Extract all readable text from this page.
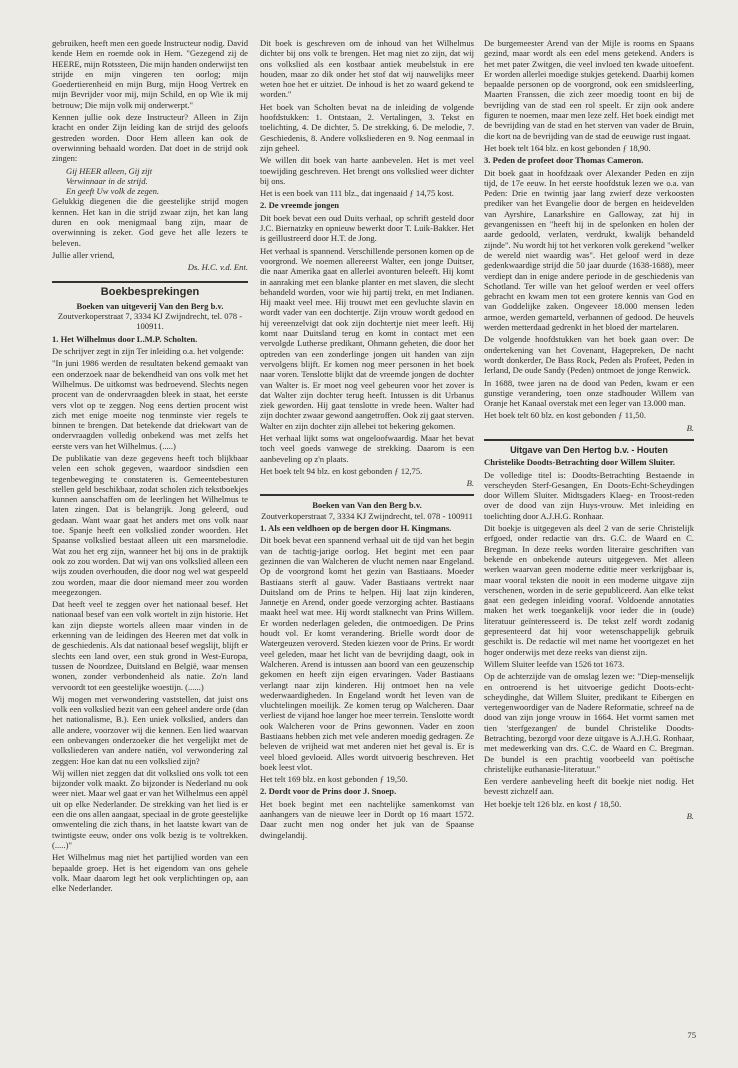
gebruiken, heeft men een goede Instructeur nodig. David kende Hem en roemde ook in Hem. "Gezegend zij de HEERE, mijn Rotssteen, Die mijn handen onderwijst ten strijde en mijn vingeren ten oorlog; mijn Goedertierenheid en mijn Burg, mijn Hoog Vertrek en mijn Bevrijder voor mij, mijn Schild, en op Wie ik mij betrouw; Die mijn volk mij onderwerpt."

Kennen jullie ook deze Instructeur? Alleen in Zijn kracht en onder Zijn leiding kan de strijd des geloofs gestreden worden. Door Hem alleen kan ook de overwinning behaald worden. Dat doet in de strijd ook zingen:

Gij HEER alleen, Gij zijt

Verwinnaar in de strijd.

En geeft Uw volk de zegen.

Gelukkig diegenen die die geestelijke strijd mogen kennen. Het kan in die strijd zwaar zijn, het kan lang duren en ook menigmaal bang zijn, maar de overwinning is zeker. God geve het alle lezers te beleven.

Jullie aller vriend,

Ds. H.C. v.d. Ent.

Boekbesprekingen
Boeken van uitgeverij Van den Berg b.v.
Zoutverkoperstraat 7, 3334 KJ Zwijndrecht, tel. 078 - 100911.

1. Het Wilhelmus door L.M.P. Scholten.

De schrijver zegt in zijn Ter inleiding o.a. het volgende:

"In juni 1986 werden de resultaten bekend gemaakt van een onderzoek naar de bekendheid van ons volk met het Wilhelmus. De uitkomst was bedroevend. Slechts negen procent van de ondervraagden bleek in staat, het eerste vers vlot op te zeggen. Nog eens dertien procent wist zich met enige moeite nog tenminste vier regels te binnen te brengen. Dat betekende dat driekwart van de ondervraagden volledig onbekend was met zelfs het eerste vers van het Wilhelmus. (.....)

De publikatie van deze gegevens heeft toch blijkbaar velen een schok gegeven, waardoor sindsdien een tegenbeweging te constateren is. Gemeentebesturen stellen geld beschikbaar, zodat scholen zich tekstboekjes kunnen aanschaffen om de leerlingen het Wilhelmus te laten zingen. Dat is belangrijk. Jong geleerd, oud gedaan. Want waar gaat het anders met ons volk naar toe. Spanje heeft een volkslied zonder woorden. Het Spaanse volkslied bestaat alleen uit een marsmelodie. Wat zou het erg zijn, wanneer het bij ons in de praktijk ook zo zou worden. Dat wij van ons volkslied alleen een wijs zouden overhouden, die door nog wel wat gespeeld zou worden, maar die door niemand meer zou worden meegezongen.

Dat heeft veel te zeggen over het nationaal besef. Het nationaal besef van een volk wortelt in zijn historie. Het kan zijn diepste wortels alleen maar vinden in de erkenning van de leidingen des Heeren met dat volk in de geschiedenis. Als dat nationaal besef wegslijt, blijft er slechts een land over, een stuk grond in West-Europa, tussen de Noordzee, Duitsland en België, waar mensen wonen, zonder verbondenheid als natie. Zo'n land vervoordt tot een geestelijke woestijn. (......)

Wij mogen met verwondering vaststellen, dat juist ons volk een volkslied bezit van een geheel andere orde (dan het nationalisme, B.). Een uniek volkslied, anders dan alle andere, voorzover wij die kennen. Een lied waarvan een onbevangen onderzoeker die het vergelijkt met de volksliederen van andere natiën, vol verwondering zal zeggen: Hoe kan dat nu een volkslied zijn?

Wij willen niet zeggen dat dit volkslied ons volk tot een bijzonder volk maakt. Zo bijzonder is Nederland nu ook weer niet. Maar wel gaat er van het Wilhelmus een appèl uit op elke Nederlander. De strekking van het lied is er een die ons allen aangaat, speciaal in de grote geestelijke omwenteling die zich thans, in het laatste kwart van de twintigste eeuw, onder ons volk bezig is te voltrekken. (.....)"

Het Wilhelmus mag niet het partijlied worden van een bepaalde groep. Het is het eigendom van ons gehele volk. Maar daarom legt het ook verplichtingen op, aan elke Nederlander.

Dit boek is geschreven om de inhoud van het Wilhelmus dichter bij ons volk te brengen. Het mag niet zo zijn, dat wij ons volkslied als een kostbaar antiek meubelstuk in ere houden, maar zo dik onder het stof dat wij nauwelijks meer weten hoe het er uitziet. De inhoud is het zo waard gekend te worden."

Het boek van Scholten bevat na de inleiding de volgende hoofdstukken: 1. Ontstaan, 2. Vertalingen, 3. Tekst en toelichting, 4. De dichter, 5. De strekking, 6. De melodie, 7. Geschiedenis, 8. Andere volksliederen en 9. Nog eenmaal in zijn geheel.

We willen dit boek van harte aanbevelen. Het is met veel toewijding geschreven. Het brengt ons volkslied weer dichter bij ons.

Het is een boek van 111 blz., dat ingenaaid ƒ 14,75 kost.

2. De vreemde jongen

Dit boek bevat een oud Duits verhaal, op schrift gesteld door J.C. Biernatzky en opnieuw bewerkt door T. Luik-Bakker. Het is geïllustreerd door H.T. de Jong.

Het verhaal is spannend. Verschillende personen komen op de voorgrond. We noemen allereerst Walter, een jonge Duitser, die naar Amerika gaat en allerlei avonturen beleeft. Hij komt in aanraking met een blanke planter en met slaven, die slecht behandeld worden, voor wie hij partij trekt, en met Indianen. Hij maakt veel mee. Hij trouwt met een gevluchte slavin en wordt vader van een dochtertje. Zijn vrouw wordt gedood en hij vereenzelvigt dat ook zijn dochtertje niet meer leeft. Hij komt naar Duitsland terug en komt in contact met een vervolgde Lutherse predikant, Ohmann geheten, die door het optreden van een zonderlinge jongen uit handen van zijn vervolgens blijft. Er komen nog meer personen in het boek naar voren. Tenslotte blijkt dat de vreemde jongen de dochter van Walter is. Er moet nog veel gebeuren voor het zover is dat Walter zijn dochter terug heeft. Intussen is dit Urbanus ziek geworden. Hij gaat tenslotte in vrede heen. Walter had zijn dochter zwaar gewond aangetroffen. Ook zij gaat sterven. Walter en zijn dochter zijn allebei tot bekering gekomen.

Het verhaal lijkt soms wat ongeloofwaardig. Maar het bevat toch veel goeds vanwege de strekking. Daarom is een aanbeveling op z'n plaats.

Het boek telt 94 blz. en kost gebonden ƒ 12,75.

B.

Boeken van Van den Berg b.v.
Zoutverkoperstraat 7, 3334 KJ Zwijndrecht, tel. 078 - 100911

1. Als een veldhoen op de bergen door H. Kingmans.

Dit boek bevat een spannend verhaal uit de tijd van het begin van de tachtig-jarige oorlog. Het begint met een paar gezinnen die van Walcheren de vlucht nemen naar Engeland. Op de voorgrond komt het gezin van Bastiaans. Moeder Bastiaans sterft al gauw. Vader Bastiaans vertrekt naar Duitsland om de Prins te helpen. Hij laat zijn kinderen, Jannetje en Arend, onder goede verzorging achter. Bastiaans maakt heel wat mee. Hij wordt stalknecht van Prins Willem. Er worden nederlagen geleden, die ontmoedigen. De Prins houdt vol. Er komt verandering. Brielle wordt door de Watergeuzen veroverd. Steden kiezen voor de Prins. Er wordt veel geleden, maar het licht van de bevrijding daagt, ook in Walcheren. Arend is intussen aan boord van een geuzenschip gekomen en heeft zijn eigen ervaringen. Vader Bastiaans verlangt naar zijn kinderen. Hij ontmoet hen na vele wederwaardigheden. In Engeland wordt het leven van de vluchtelingen moeilijk. Ze komen terug op Walcheren. Daar verliest de vijand hoe langer hoe meer terrein. Tenslotte wordt ook Walcheren voor de Prins gewonnen. Vader en zoon Bastiaans hebben zich met vele anderen moedig gedragen. Ze beleven de vrijheid wat met anderen niet het geval is. Er is veel bloed gevloeid. Alles wordt uitvoerig beschreven. Het boek leest vlot.

Het telt 169 blz. en kost gebonden ƒ 19,50.

2. Dordt voor de Prins door J. Snoep.

Het boek begint met een nachtelijke samenkomst van aanhangers van de nieuwe leer in Dordt op 16 maart 1572. Daar zucht men nog onder het juk van de Spaanse dwingelandij.

De burgemeester Arend van der Mijle is rooms en Spaans gezind, maar wordt als een edel mens getekend. Anders is het met pater Zwitgen, die veel invloed ten kwade uitoefent. Er worden allerlei moedige stukjes getekend. Daarbij komen bepaalde personen op de voorgrond, ook een smidsleerling, Maarten Franssen, die zich zeer moedig toont en bij de bevrijding van de stad een rol speelt. Er zijn ook andere figuren te noemen, maar men leze zelf. Het boek eindigt met de bevrijding van de stad en het sterven van vader de Bruin, die kort na de bevrijding van de stad de eeuwige rust ingaat.

Het boek telt 164 blz. en kost gebonden ƒ 18,90.

3. Peden de profeet door Thomas Cameron.

Dit boek gaat in hoofdzaak over Alexander Peden en zijn tijd, de 17e eeuw. In het eerste hoofdstuk lezen we o.a. van Peden: Drie en twintig jaar lang zwierf deze verkoosten prediker van het Evangelie door de bergen en heidevelden van Ayrshire, Lanarkshire en Galloway, zat hij in gevangenissen en "heeft hij in de spelonken en holen der aarde gedoold, verlaten, verdrukt, kwalijk behandeld zijnde". Nu wordt hij tot het verkoren volk gerekend "welker de wereld niet waardig was". Het geloof werd in deze gedenkwaardige strijd die 50 jaar duurde (1638-1688), meer verdiept dan in enige andere periode in de geschiedenis van Schotland. Ter wille van het geloof werden er veel offers gebracht en kwam men tot een grotere kennis van God en van Goddelijke zaken. Ongeveer 18.000 mensen leden armoe, werden gemarteld, verbannen of gedood. De heuvels werden metterdaad gedrenkt in het bloed der martelaren.

De volgende hoofdstukken van het boek gaan over: De ondertekening van het Covenant, Hagepreken, De nacht wordt donkerder, De Bass Rock, Peden als Profeet, Peden in Ierland, De oude Sandy (Peden) ontmoet de jonge Renwick.

In 1688, twee jaren na de dood van Peden, kwam er een gunstige verandering, toen onze stadhouder Willem van Oranje het Kanaal overstak met een leger van 13.000 man.

Het boek telt 60 blz. en kost gebonden ƒ 11,50.

B.

Uitgave van Den Hertog b.v. - Houten

Christelike Doodts-Betrachting door Willem Sluiter.

De volledige titel is: Doodts-Betrachting Bestaende in verscheyden Sterf-Gesangen, En Doots-Echt-Scheydingen door Willem Sluiter. Midtsgaders Klaeg- en Troost-reden over de dood van zijn Huys-vrouw. Met inleiding en toelichting door A.J.H.G. Ronhaar.

Dit boekje is uitgegeven als deel 2 van de serie Christelijk erfgoed, onder redactie van drs. G.C. de Waard en C. Bregman. In deze reeks worden literaire geschriften van bekende en onbekende auteurs uitgegeven. Met alleen werken waarvan geen moderne editie meer verkrijgbaar is, maar vooral teksten die nooit in een moderne uitgave zijn verschenen, worden in de serie gepubliceerd. Aan elke tekst gaat een gedegen inleiding vooraf. Voldoende annotaties maken het werk toegankelijk voor ieder die in (oude) literatuur geïnteresseerd is. De tekst zelf wordt zodanig gepresenteerd dat hij voor wetenschappelijk gebruik geschikt is. De redactie wil met name het voortgezet en het hoger onderwijs met deze reeks van dienst zijn.

Willem Sluiter leefde van 1526 tot 1673.

Op de achterzijde van de omslag lezen we: "Diep-menselijk en ontroerend is het uitvoerige gedicht Doots-echt-scheydinghe, dat Willem Sluiter, predikant te Eibergen en vertegenwoordiger van de Nadere Reformatie, schreef na de dood van zijn jonge vrouw in 1664. Het vormt samen met tien 'sterfgezangen' de bundel Christelike Doodts-Betrachting, bezorgd voor deze uitgave is A.J.H.G. Ronhaar, met medewerking van drs. C.C. de Waard en C. Bregman. De bundel is een prachtig voorbeeld van poëtische christelijke euthanasie-literatuur."

Een verdere aanbeveling heeft dit boekje niet nodig. Het bevestt zichzelf aan.

Het boekje telt 126 blz. en kost ƒ 18,50.

B.

75
